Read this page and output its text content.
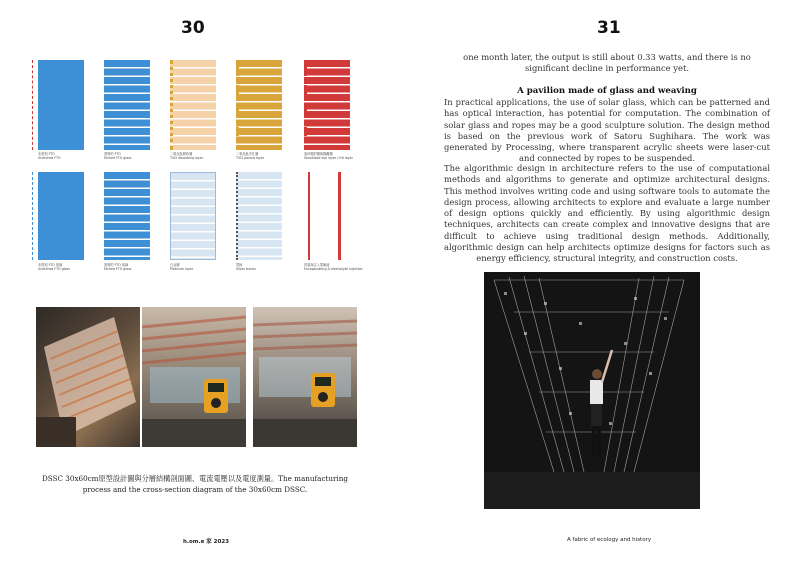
30	31
未蒽刻 FTO
Unetched FTO
蒽刻的 FTO
Etched FTO glass
二氧化鈦吸收層
TiO2 absorbing layer
二氧化鈦多孔層
TiO2 porous layer
染料吸附層與隔離層
Sensitized dye layer / frit layer
未蒽刻 FTO 玻璃
Unetched FTO glass
蒽刻的 FTO 玻璃
Etched FTO glass
白金層
Platinum layer
電極
Silver tracks
封裝與注入電解液
Encapsulating & electrolyte injection
DSSC 30x60cm原型設計圖與分層結構剖面圖、電流電壓以及電度測量。The manufacturing process and the cross-section diagram of the 30x60cm DSSC.
h.om.e 家 2023
one month later, the output is still about 0.33 watts, and there is no significant decline in performance yet.
A pavilion made of glass and weaving
In practical applications, the use of solar glass, which can be patterned and has optical interaction, has potential for computation. The combination of solar glass and ropes may be a good sculpture solution. The design method is based on the previous work of Satoru Sughihara. The work was generated by Processing, where transparent acrylic sheets were laser-cut and connected by ropes to be suspended.
The algorithmic design in architecture refers to the use of computational methods and algorithms to generate and optimize architectural designs. This method involves writing code and using software tools to automate the design process, allowing architects to explore and evaluate a large number of design options quickly and efficiently. By using algorithmic design techniques, architects can create complex and innovative designs that are difficult to achieve using traditional design methods. Additionally, algorithmic design can help architects optimize designs for factors such as energy efficiency, structural integrity, and construction costs.
A fabric of ecology and history
